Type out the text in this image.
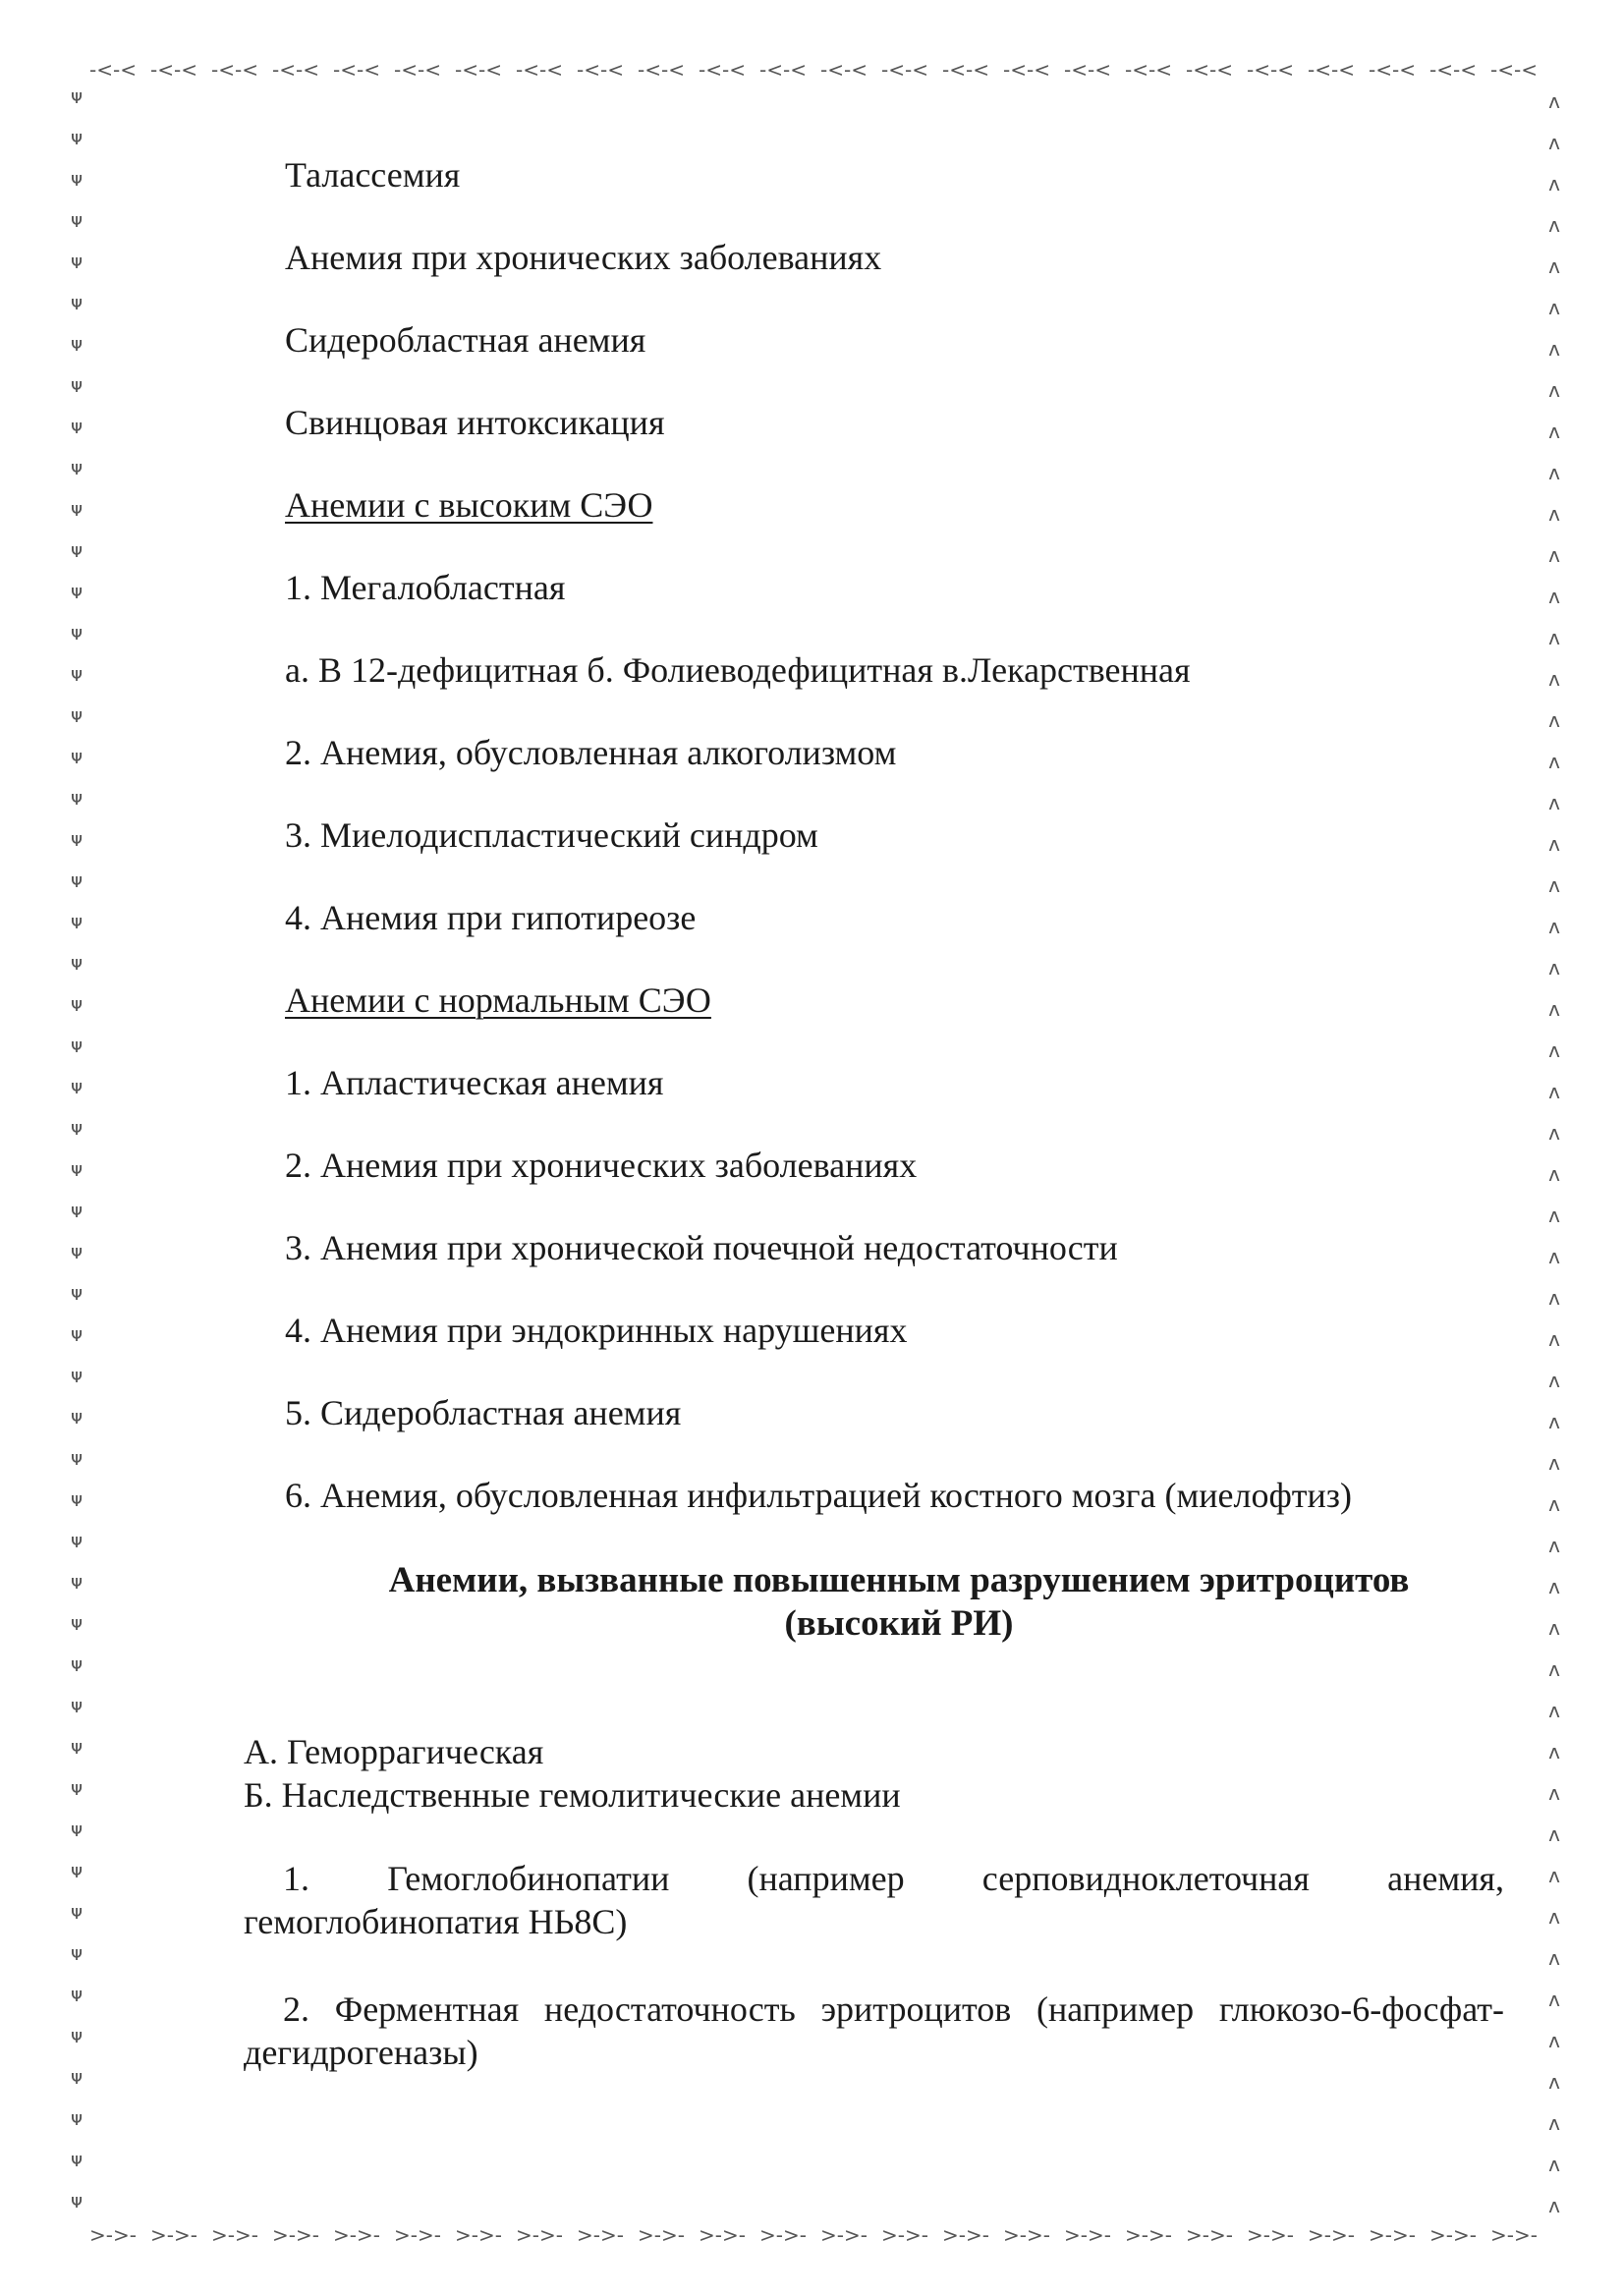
-<-< -<-< -<-< -<-< -<-< -<-< -<-< -<-< -<-< -<-< -<-< -<-< -<-< -<-< -<-< -<-< -<-< -<-< -<-< -<-< -<-< -<-< -<-< -<-<
>->- >->- >->- >->- >->- >->- >->- >->- >->- >->- >->- >->- >->- >->- >->- >->- >->- >->- >->- >->- >->- >->- >->- >->-
ᴪ
ᴪ
ᴪ
ᴪ
ᴪ
ᴪ
ᴪ
ᴪ
ᴪ
ᴪ
ᴪ
ᴪ
ᴪ
ᴪ
ᴪ
ᴪ
ᴪ
ᴪ
ᴪ
ᴪ
ᴪ
ᴪ
ᴪ
ᴪ
ᴪ
ᴪ
ᴪ
ᴪ
ᴪ
ᴪ
ᴪ
ᴪ
ᴪ
ᴪ
ᴪ
ᴪ
ᴪ
ᴪ
ᴪ
ᴪ
ᴪ
ᴪ
ᴪ
ᴪ
ᴪ
ᴪ
ᴪ
ᴪ
ᴪ
ᴪ
ᴪ
ᴪ
ᴧ
ᴧ
ᴧ
ᴧ
ᴧ
ᴧ
ᴧ
ᴧ
ᴧ
ᴧ
ᴧ
ᴧ
ᴧ
ᴧ
ᴧ
ᴧ
ᴧ
ᴧ
ᴧ
ᴧ
ᴧ
ᴧ
ᴧ
ᴧ
ᴧ
ᴧ
ᴧ
ᴧ
ᴧ
ᴧ
ᴧ
ᴧ
ᴧ
ᴧ
ᴧ
ᴧ
ᴧ
ᴧ
ᴧ
ᴧ
ᴧ
ᴧ
ᴧ
ᴧ
ᴧ
ᴧ
ᴧ
ᴧ
ᴧ
ᴧ
ᴧ
ᴧ

Талассемия

Анемия при хронических заболеваниях

Сидеробластная анемия

Свинцовая интоксикация

Анемии с высоким СЭО

1. Мегалобластная

а. В 12-дефицитная б. Фолиеводефицитная в.Лекарственная

2. Анемия, обусловленная алкоголизмом

3. Миелодиспластический синдром

4. Анемия при гипотиреозе

Анемии с нормальным СЭО

1. Апластическая анемия

2. Анемия при хронических заболеваниях

3. Анемия при хронической почечной недостаточности

4. Анемия при эндокринных нарушениях

5. Сидеробластная анемия

6. Анемия, обусловленная инфильтрацией костного мозга (миелофтиз)

Анемии, вызванные повышенным разрушением эритроцитов
(высокий РИ)

А. Геморрагическая

Б. Наследственные гемолитические анемии

1. Гемоглобинопатии (например серповидноклеточная анемия, гемоглобинопатия НЬ8С)

2. Ферментная недостаточность эритроцитов (например глюкозо-6-фосфат- дегидрогеназы)
